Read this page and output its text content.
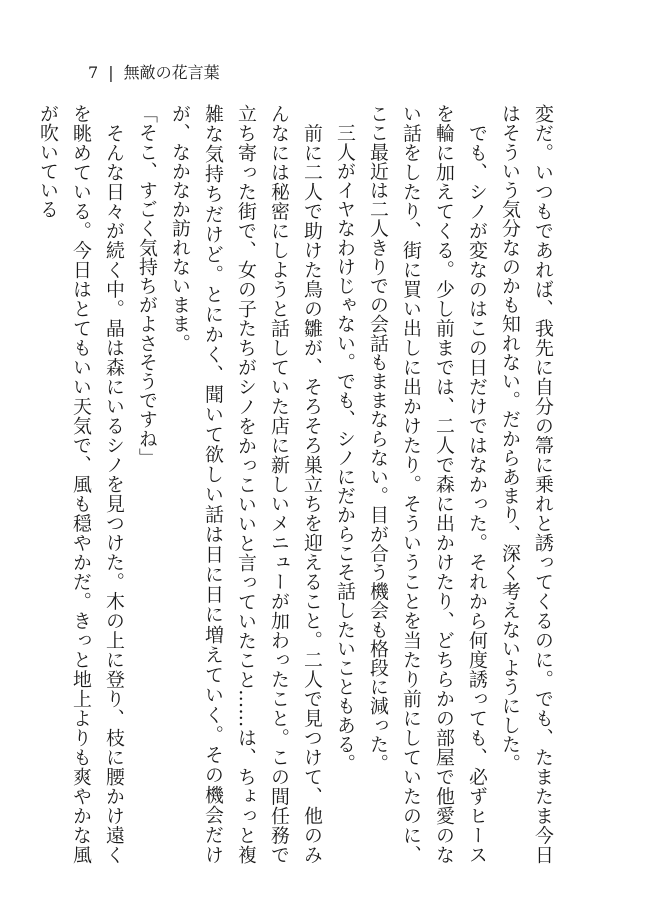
7 | 無敵の花言葉

変だ。いつもであれば、我先に自分の箒に乗れと誘ってくるのに。でも、たまたま今日はそういう気分なのかも知れない。だからあまり、深く考えないようにした。

　でも、シノが変なのはこの日だけではなかった。それから何度誘っても、必ずヒースを輪に加えてくる。少し前までは、二人で森に出かけたり、どちらかの部屋で他愛のない話をしたり、街に買い出しに出かけたり。そういうことを当たり前にしていたのに、ここ最近は二人きりでの会話もままならない。目が合う機会も格段に減った。

　三人がイヤなわけじゃない。でも、シノにだからこそ話したいこともある。

　前に二人で助けた鳥の雛が、そろそろ巣立ちを迎えること。二人で見つけて、他のみんなには秘密にしようと話していた店に新しいメニューが加わったこと。この間任務で立ち寄った街で、女の子たちがシノをかっこいいと言っていたこと……は、ちょっと複雑な気持ちだけど。とにかく、聞いて欲しい話は日に日に増えていく。その機会だけが、なかなか訪れないまま。

「そこ、すごく気持ちがよさそうですね」

　そんな日々が続く中。晶は森にいるシノを見つけた。木の上に登り、枝に腰かけ遠くを眺めている。今日はとてもいい天気で、風も穏やかだ。きっと地上よりも爽やかな風が吹いている
